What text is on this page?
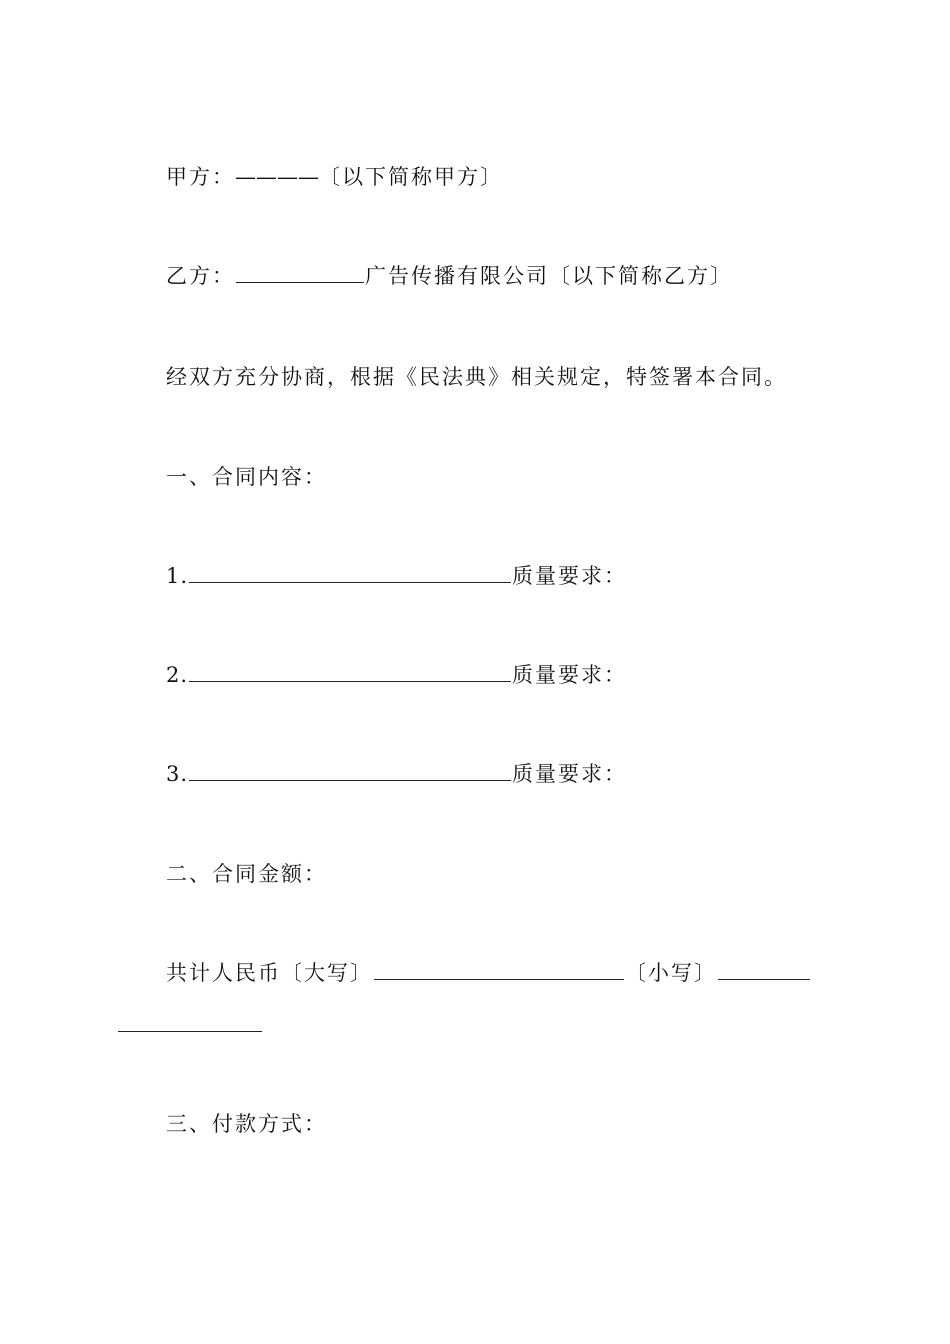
甲方：————〔以下简称甲方〕
乙方：	广告传播有限公司〔以下简称乙方〕
经双方充分协商，根据《民法典》相关规定，特签署本合同。
一、合同内容：
1.	质量要求：
2.	质量要求：
3.	质量要求：
二、合同金额：
共计人民币〔大写〕	〔小写〕
三、付款方式：
